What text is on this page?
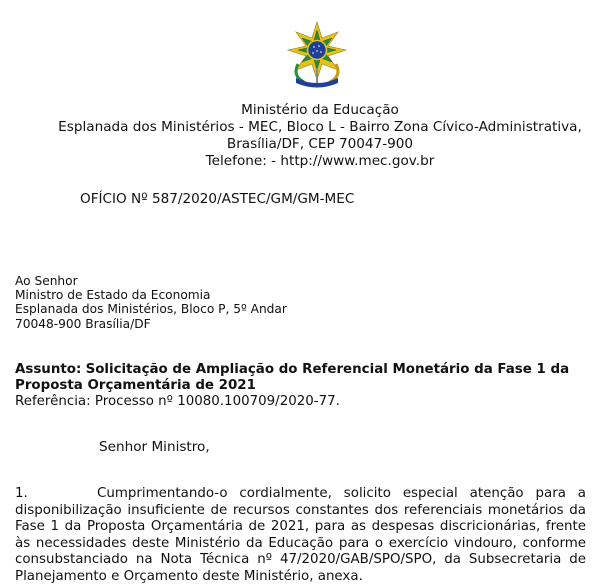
Ministério da Educação
Esplanada dos Ministérios - MEC, Bloco L - Bairro Zona Cívico-Administrativa,
Brasília/DF, CEP 70047-900
Telefone: - http://www.mec.gov.br
OFÍCIO Nº 587/2020/ASTEC/GM/GM-MEC
Ao Senhor
Ministro de Estado da Economia
Esplanada dos Ministérios, Bloco P, 5º Andar
70048-900 Brasília/DF
Assunto: Solicitação de Ampliação do Referencial Monetário da Fase 1 da Proposta Orçamentária de 2021
Referência: Processo nº 10080.100709/2020-77.
Senhor Ministro,
1.	Cumprimentando-o cordialmente, solicito especial atenção para a disponibilização insuficiente de recursos constantes dos referenciais monetários da Fase 1 da Proposta Orçamentária de 2021, para as despesas discricionárias, frente às necessidades deste Ministério da Educação para o exercício vindouro, conforme consubstanciado na Nota Técnica nº 47/2020/GAB/SPO/SPO, da Subsecretaria de Planejamento e Orçamento deste Ministério, anexa.
